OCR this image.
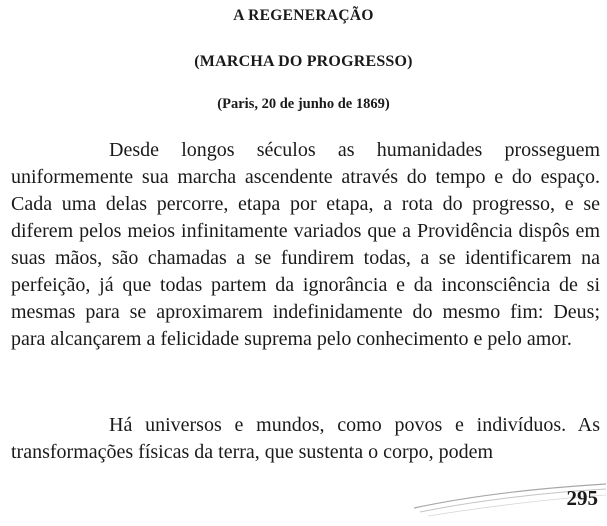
A REGENERAÇÃO
(MARCHA DO PROGRESSO)
(Paris, 20 de junho de 1869)

Desde longos séculos as humanidades prosseguem uniformemente sua marcha ascendente através do tempo e do espaço. Cada uma delas percorre, etapa por etapa, a rota do progresso, e se diferem pelos meios infinitamente variados que a Providência dispôs em suas mãos, são chamadas a se fundirem todas, a se identificarem na perfeição, já que todas partem da ignorância e da inconsciência de si mesmas para se aproximarem indefinidamente do mesmo fim: Deus; para alcançarem a felicidade suprema pelo conhecimento e pelo amor.

Há universos e mundos, como povos e indivíduos. As transformações físicas da terra, que sustenta o corpo, podem

295
